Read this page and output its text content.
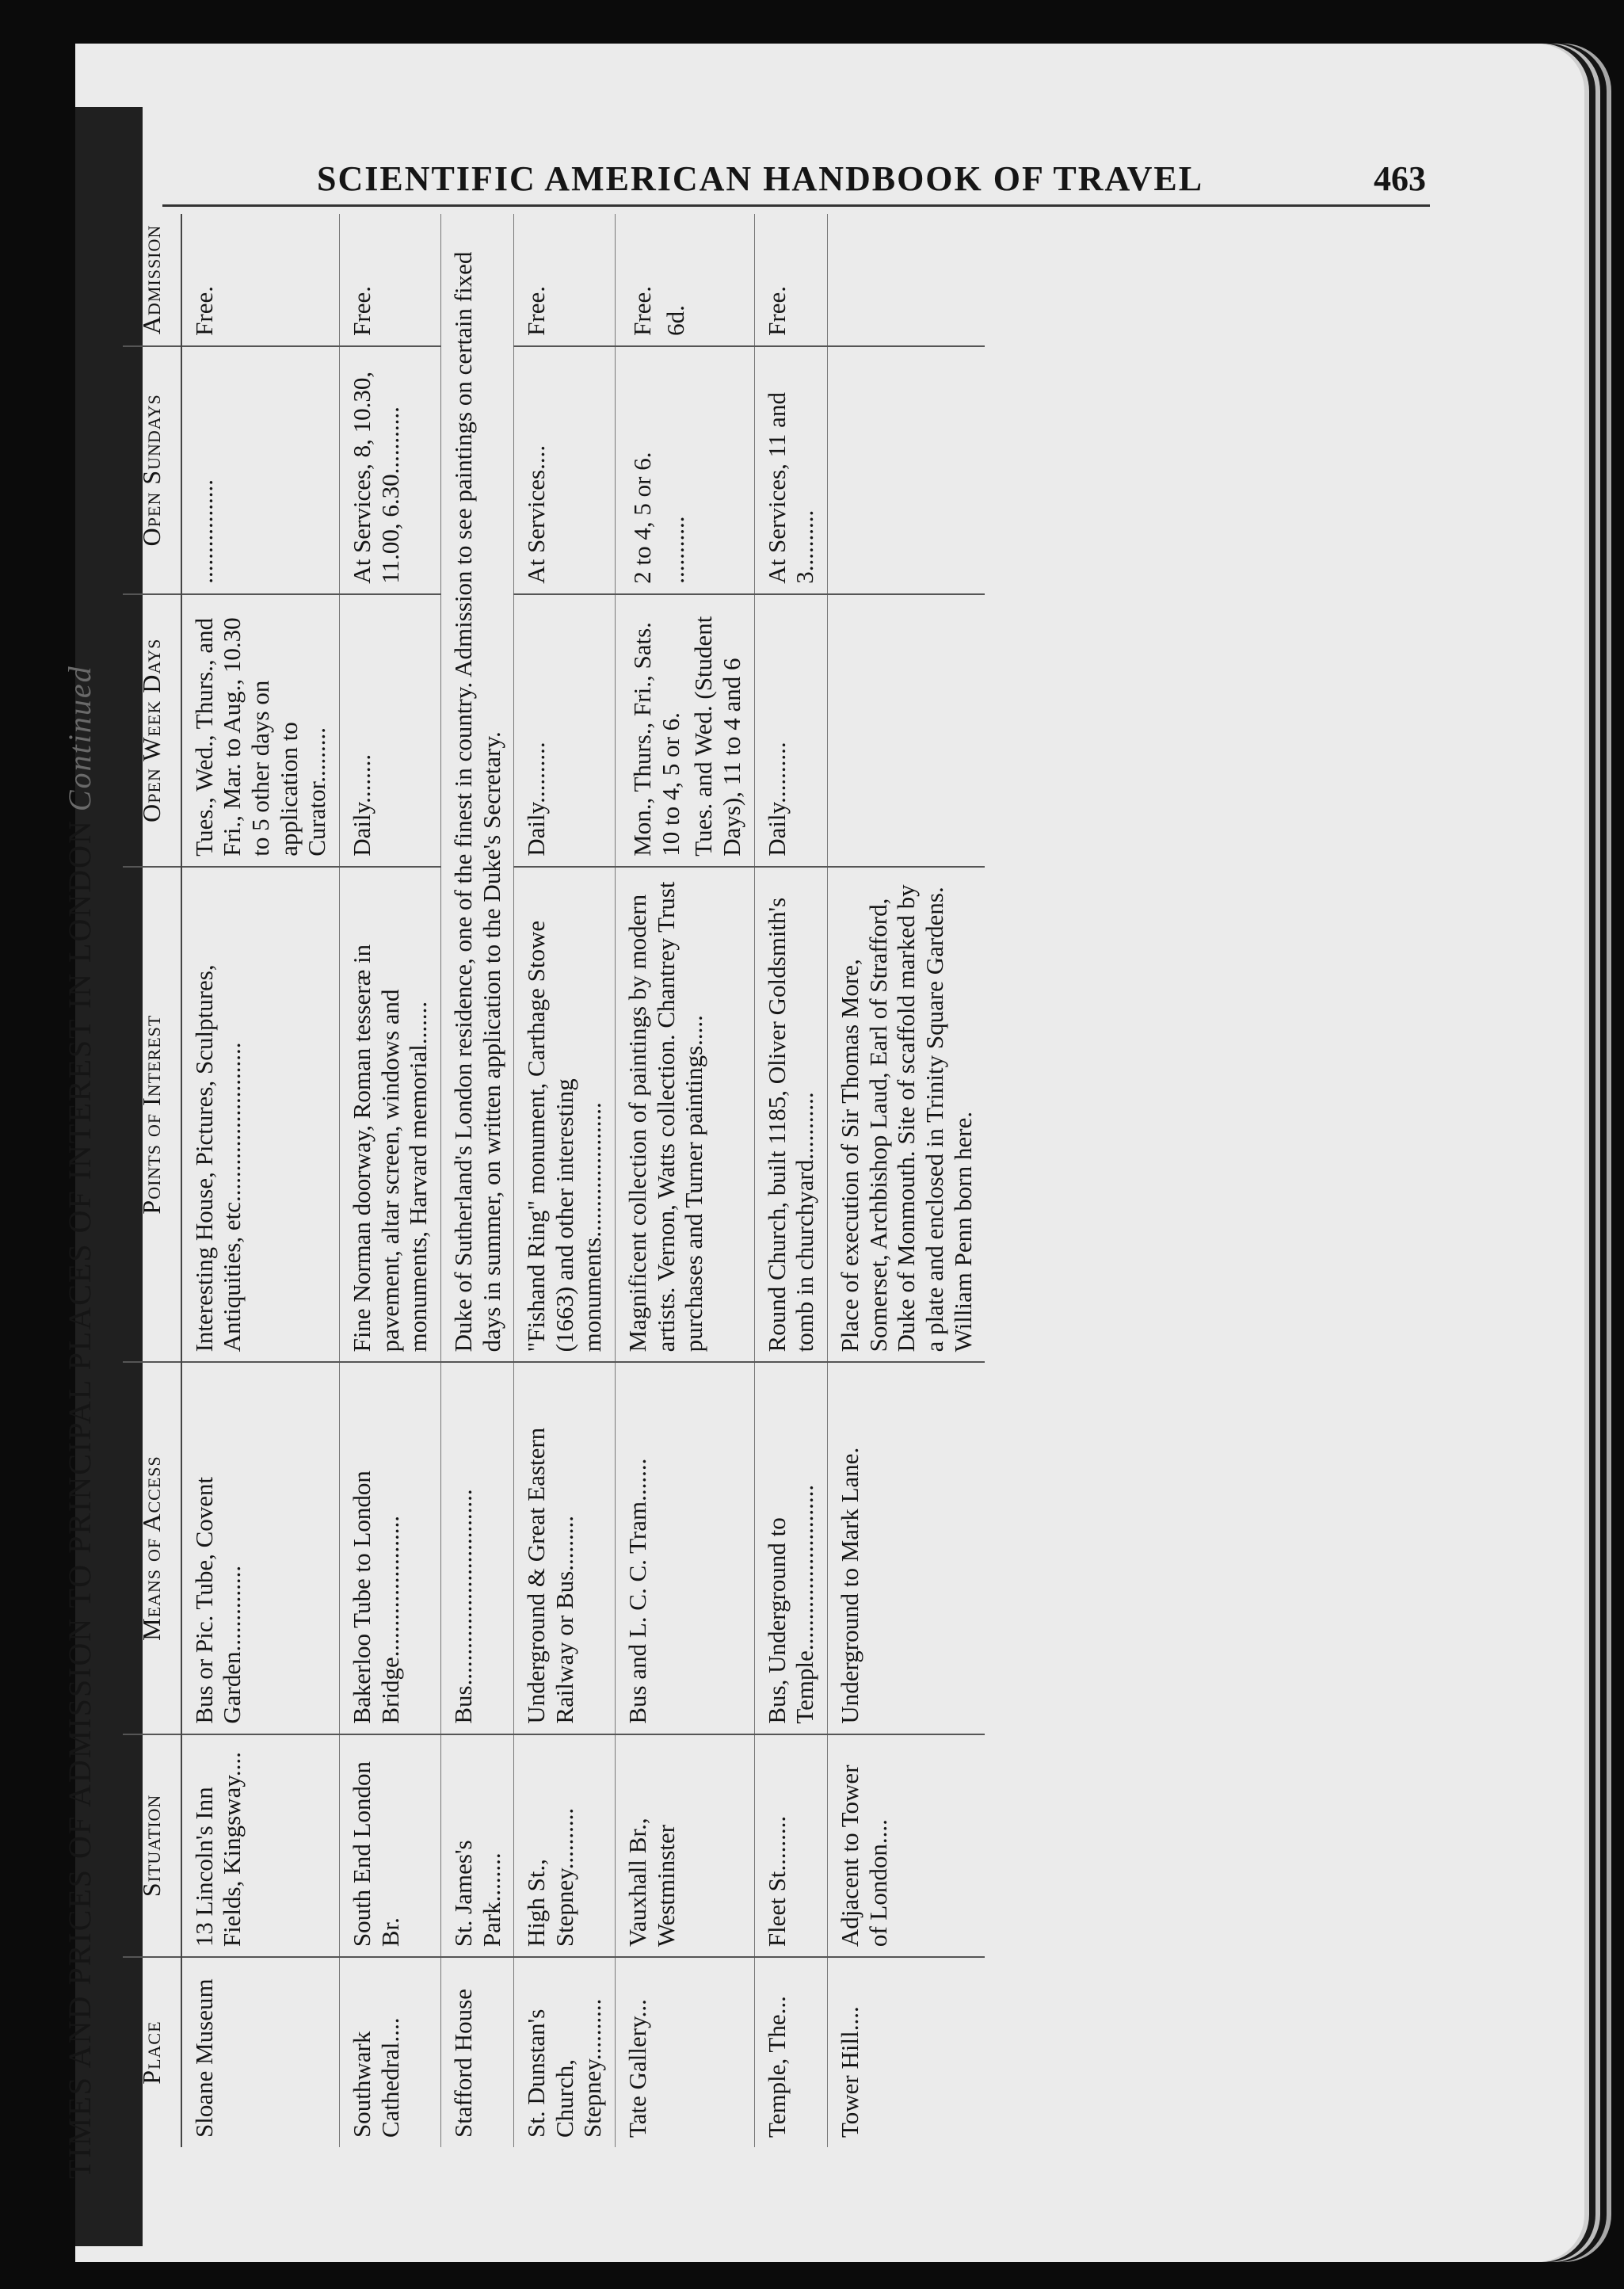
SCIENTIFIC AMERICAN HANDBOOK OF TRAVEL	463
TIMES AND PRICES OF ADMISSION TO PRINCIPAL PLACES OF INTEREST IN LONDON
Continued
Place	Situation	Means of Access	Points of Interest	Open Week Days	Open Sundays	Admission
Sloane Museum	13 Lincoln's Inn Fields, Kingsway....	Bus or Pic. Tube, Covent Garden..............	Interesting House, Pictures, Sculptures, Antiquities, etc..........................	Tues., Wed., Thurs., and Fri., Mar. to Aug., 10.30 to 5 other days on application to Curator.........	.................	Free.
Southwark Cathedral....	South End London Br.	Bakerloo Tube to London Bridge.......................	Fine Norman doorway, Roman tesseræ in pavement, altar screen, windows and monuments, Harvard memorial.......	Daily........	At Services, 8, 10.30, 11.00, 6.30...........	Free.
Stafford House	St. James's Park........	Bus................................	Duke of Sutherland's London residence, one of the finest in country. Admission to see paintings on certain fixed days in summer, on written application to the Duke's Secretary.			
St. Dunstan's Church, Stepney..........	High St., Stepney..........	Underground & Great Eastern Railway or Bus.........	"Fishand Ring" monument, Carthage Stowe (1663) and other interesting monuments......................	Daily..........	At Services....	Free.
Tate Gallery...	Vauxhall Br., Westminster	Bus and L. C. C. Tram.......	Magnificent collection of paintings by modern artists. Vernon, Watts collection. Chantrey Trust purchases and Turner paintings.....	Mon., Thurs., Fri., Sats. 10 to 4, 5 or 6. Tues. and Wed. (Student Days), 11 to 4 and 6	2 to 4, 5 or 6. ...........	Free. 6d.

Temple, The...	Fleet St.........	Bus, Underground to Temple...........................	Round Church, built 1185, Oliver Goldsmith's tomb in churchyard...........	Daily..........	At Services, 11 and 3..........	Free.
Tower Hill....	Adjacent to Tower of London....	Underground to Mark Lane.	Place of execution of Sir Thomas More, Somerset, Archbishop Laud, Earl of Strafford, Duke of Monmouth. Site of scaffold marked by a plate and enclosed in Trinity Square Gardens. William Penn born here.			
